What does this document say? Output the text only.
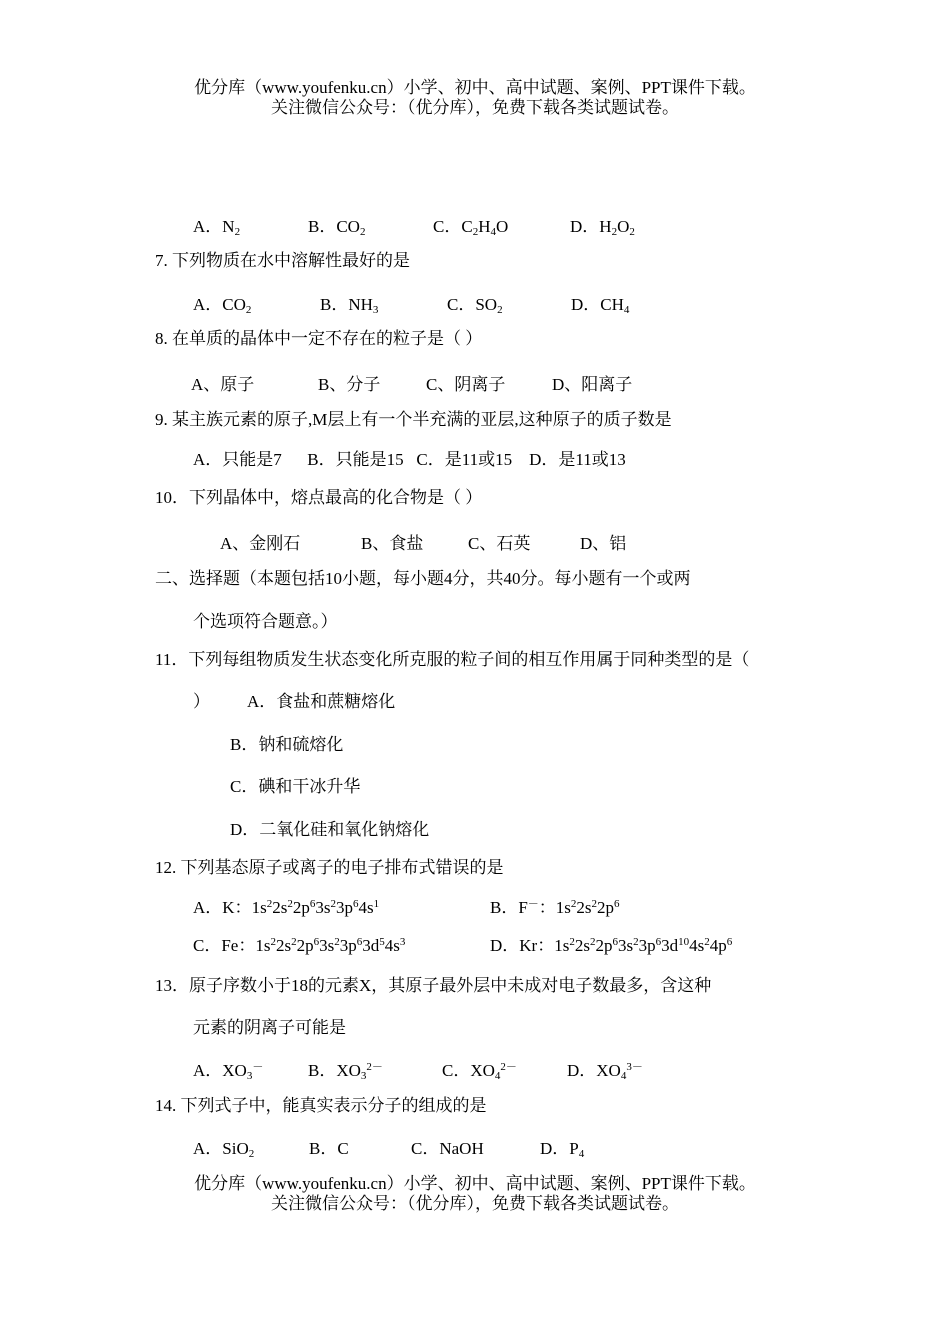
优分库（www.youfenku.cn）小学、初中、高中试题、案例、PPT课件下载。
关注微信公众号：（优分库），免费下载各类试题试卷。
A．$N_2$	B．$CO_2$	C．$C_2H_4O$	D．$H_2O_2$
7. 下列物质在水中溶解性最好的是
A．$CO_2$	B．$NH_3$	C．$SO_2$	D．$CH_4$
8. 在单质的晶体中一定不存在的粒子是（ ）
A、原子	B、分子	C、阴离子	D、阳离子
9. 某主族元素的原子,M层上有一个半充满的亚层,这种原子的质子数是
A．只能是7      B．只能是15   C．是11或15    D．是11或13
10．下列晶体中，熔点最高的化合物是（ ）
A、金刚石	B、食盐	C、石英	D、铝
二、选择题（本题包括10小题，每小题4分，共40分。每小题有一个或两
个选项符合题意。）
11．下列每组物质发生状态变化所克服的粒子间的相互作用属于同种类型的是（
） A．食盐和蔗糖熔化
B．钠和硫熔化
C．碘和干冰升华
D．二氧化硅和氧化钠熔化
12. 下列基态原子或离子的电子排布式错误的是
A．K：$1s^22s^22p^63s^23p^64s^1$	B．F－：$1s^22s^22p^6$
C．Fe：$1s^22s^22p^63s^23p^63d^54s^3$	D．Kr：$1s^22s^22p^63s^23p^63d^{10}4s^24p^6$
13．原子序数小于18的元素X，其原子最外层中未成对电子数最多，含这种
元素的阴离子可能是
A．$XO_3^-$	B．$XO_3^{2-}$	C．$XO_4^{2-}$	D．$XO_4^{3-}$
14. 下列式子中，能真实表示分子的组成的是
A．SiO$_2$	B．C	C．NaOH	D．$P_4$
优分库（www.youfenku.cn）小学、初中、高中试题、案例、PPT课件下载。
关注微信公众号：（优分库），免费下载各类试题试卷。
